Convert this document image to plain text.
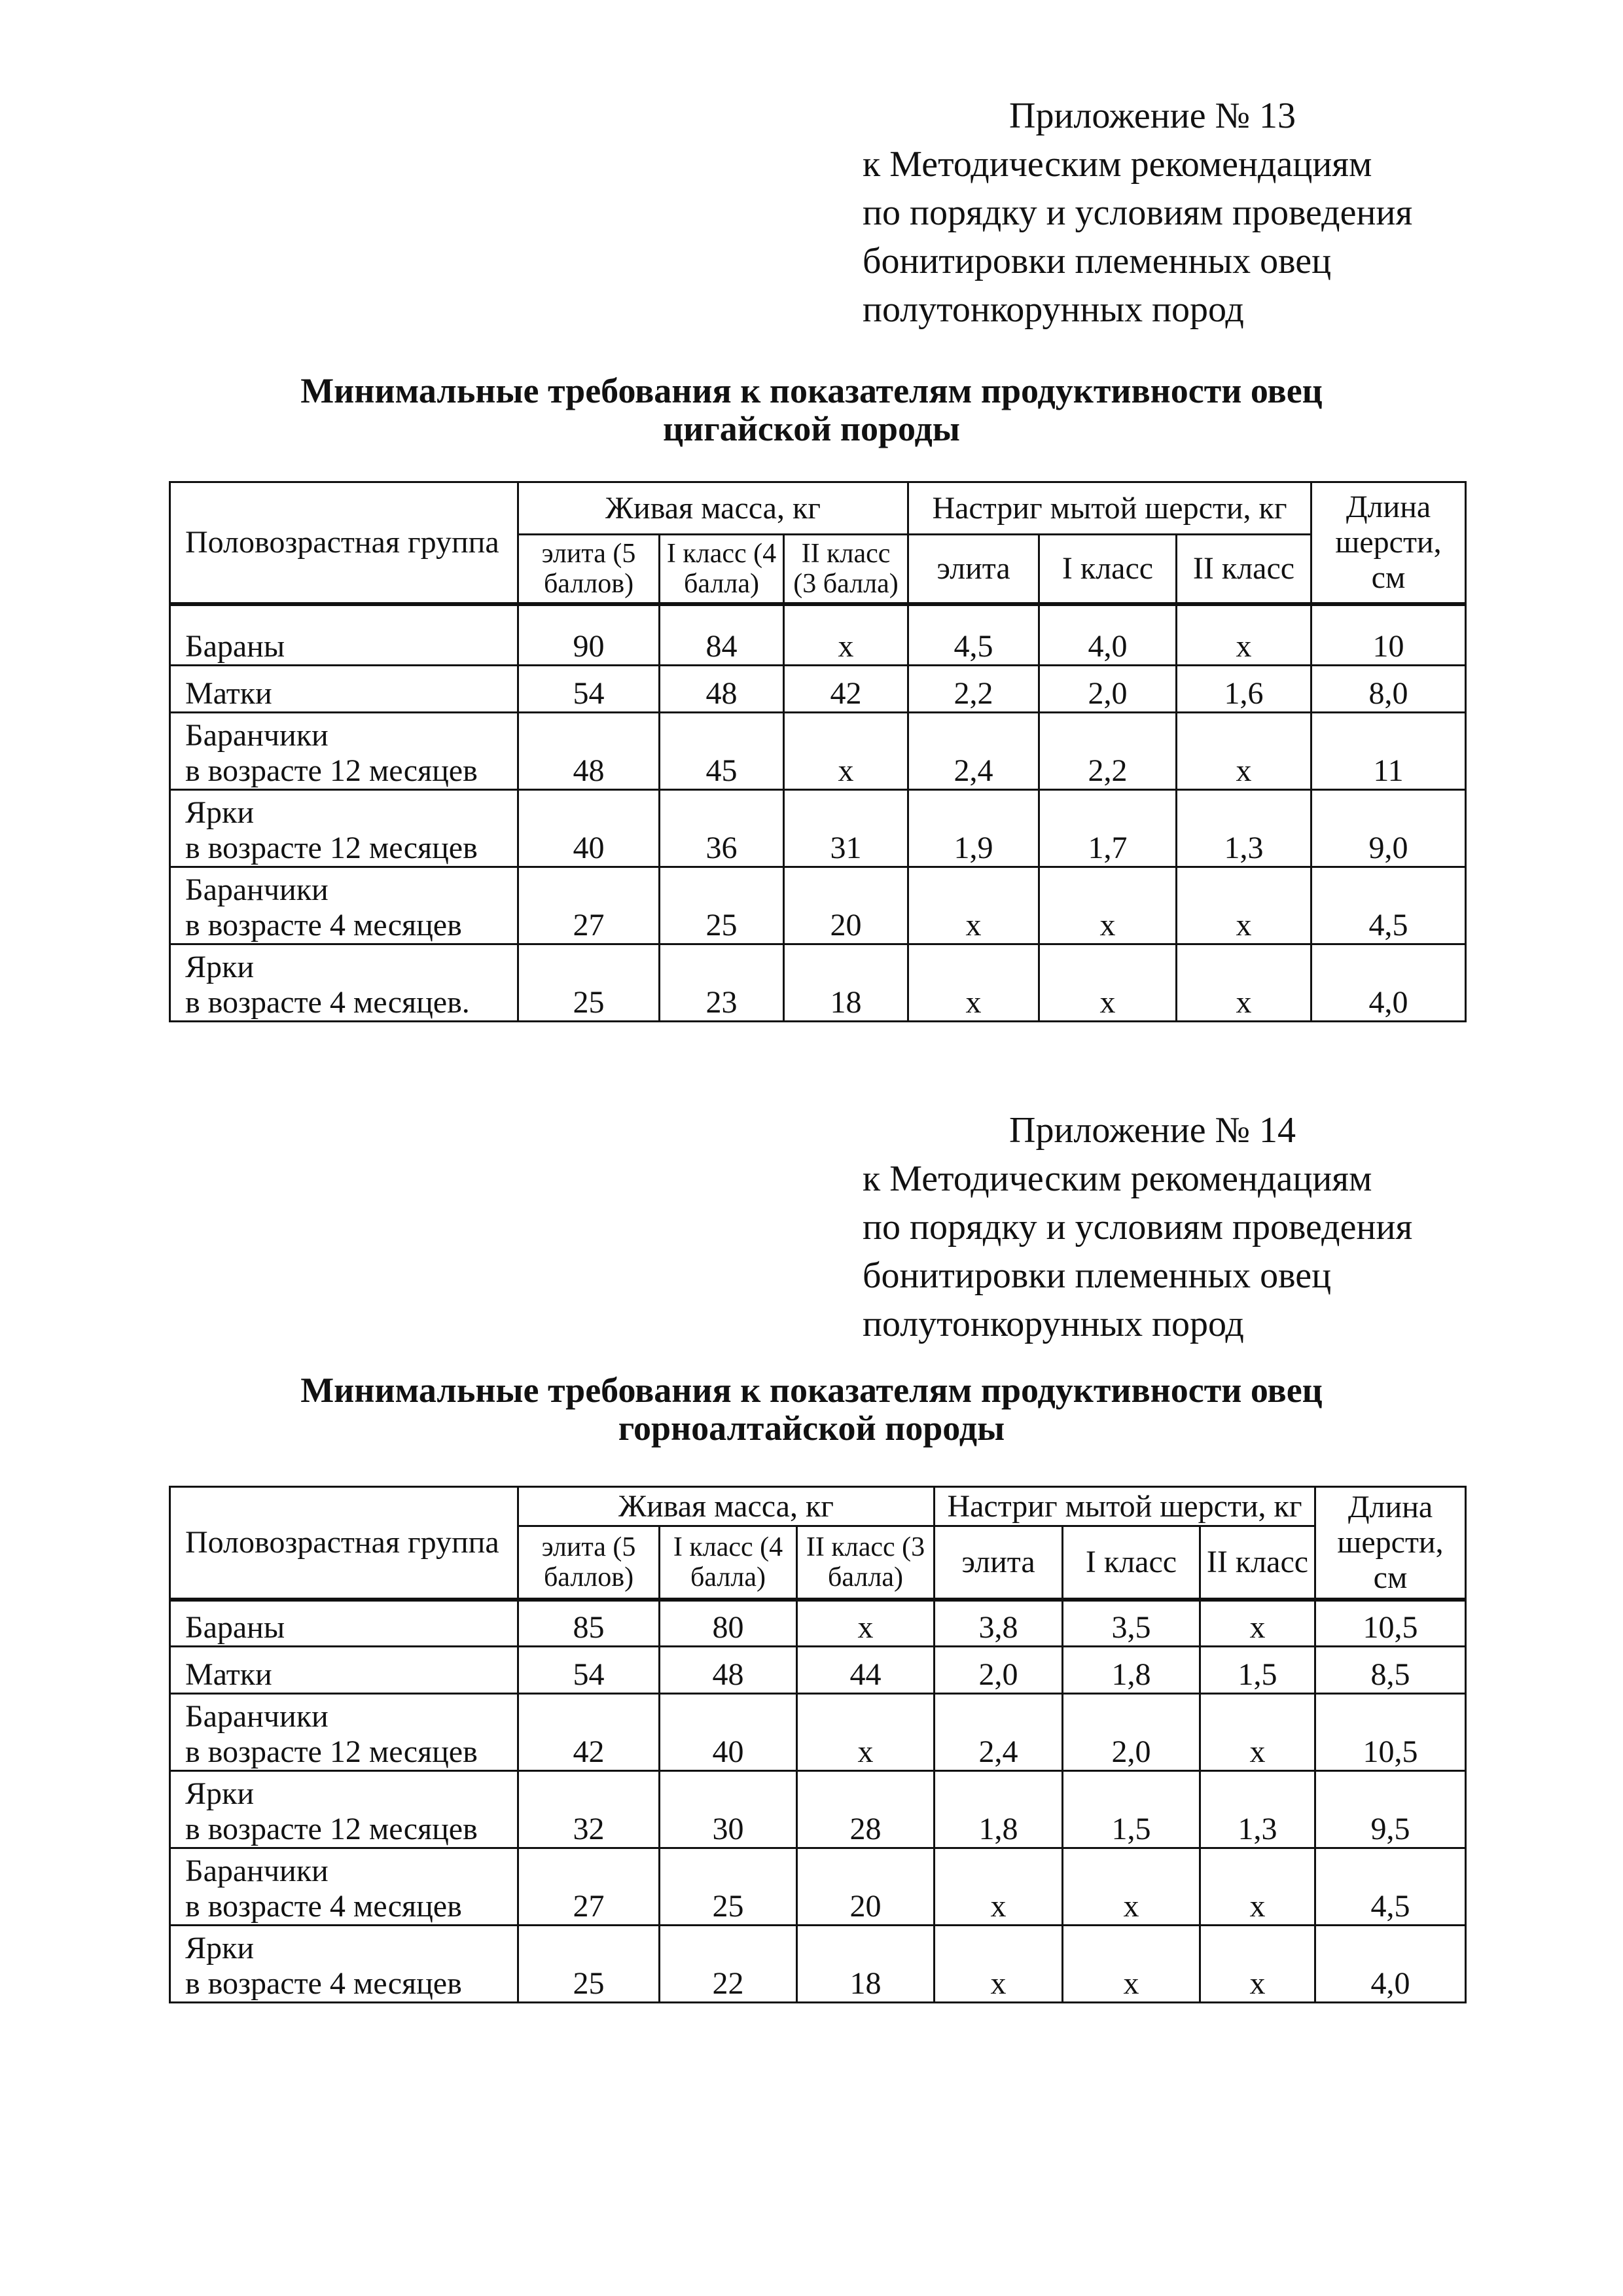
Приложение № 13
к Методическим рекомендациям
по порядку и условиям проведения
бонитировки племенных овец
полутонкорунных пород
Минимальные требования к показателям продуктивности овец
цигайской породы
Половозрастная группа	Живая масса, кг			Настриг мытой шерсти, кг			Длина шерсти, см
	элита (5 баллов)	I класс (4 балла)	II класс (3 балла)	элита	I класс	II класс	

Бараны	90	84	х	4,5	4,0	х	10

Матки	54	48	42	2,2	2,0	1,6	8,0

Баранчики
в возрасте 12 месяцев	48	45	х	2,4	2,2	х	11

Ярки
в возрасте 12 месяцев	40	36	31	1,9	1,7	1,3	9,0

Баранчики
в возрасте 4 месяцев	27	25	20	х	х	х	4,5

Ярки
в возрасте 4 месяцев.	25	23	18	х	х	х	4,0
Приложение № 14
к Методическим рекомендациям
по порядку и условиям проведения
бонитировки племенных овец
полутонкорунных пород
Минимальные требования к показателям продуктивности овец
горноалтайской породы
Половозрастная группа	Живая масса, кг			Настриг мытой шерсти, кг			Длина шерсти, см
	элита (5 баллов)	I класс (4 балла)	II класс (3 балла)	элита	I класс	II класс	

Бараны	85	80	х	3,8	3,5	х	10,5

Матки	54	48	44	2,0	1,8	1,5	8,5

Баранчики
в возрасте 12 месяцев	42	40	х	2,4	2,0	х	10,5

Ярки
в возрасте 12 месяцев	32	30	28	1,8	1,5	1,3	9,5

Баранчики
в возрасте 4 месяцев	27	25	20	х	х	х	4,5

Ярки
в возрасте 4 месяцев	25	22	18	х	х	х	4,0
